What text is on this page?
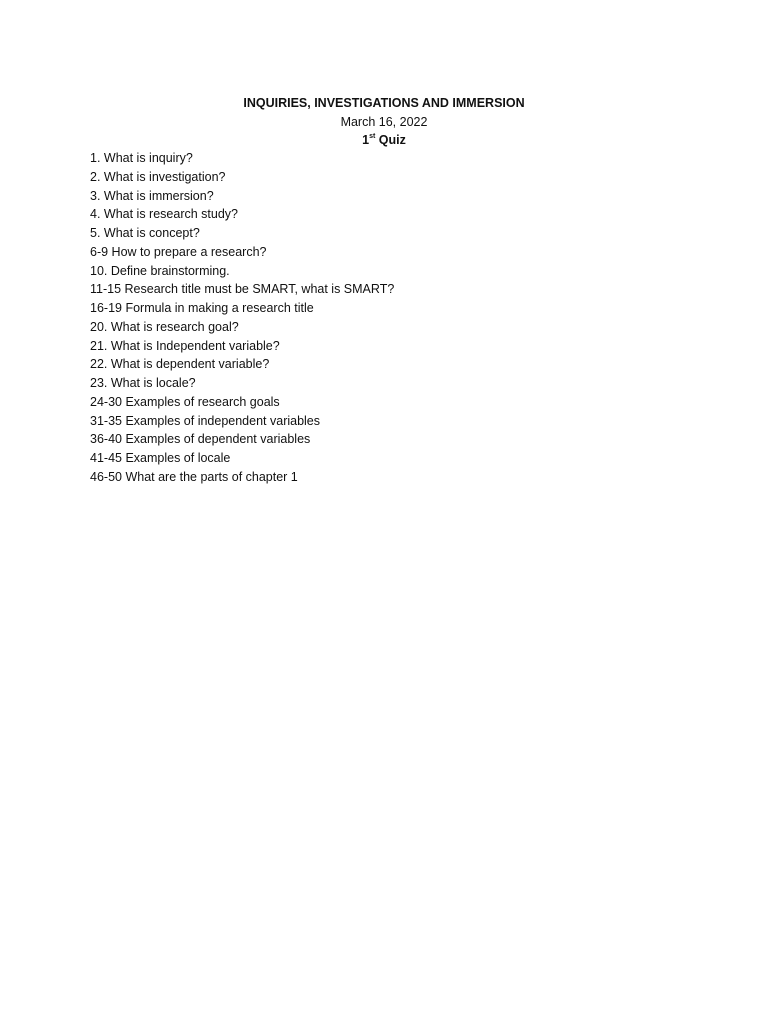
INQUIRIES, INVESTIGATIONS AND IMMERSION
March 16, 2022
1st Quiz
1. What is inquiry?
2. What is investigation?
3. What is immersion?
4. What is research study?
5. What is concept?
6-9 How to prepare a research?
10. Define brainstorming.
11-15 Research title must be SMART, what is SMART?
16-19 Formula in making a research title
20. What is research goal?
21. What is Independent variable?
22. What is dependent variable?
23. What is locale?
24-30 Examples of research goals
31-35 Examples of independent variables
36-40 Examples of dependent variables
41-45 Examples of locale
46-50 What are the parts of chapter 1
